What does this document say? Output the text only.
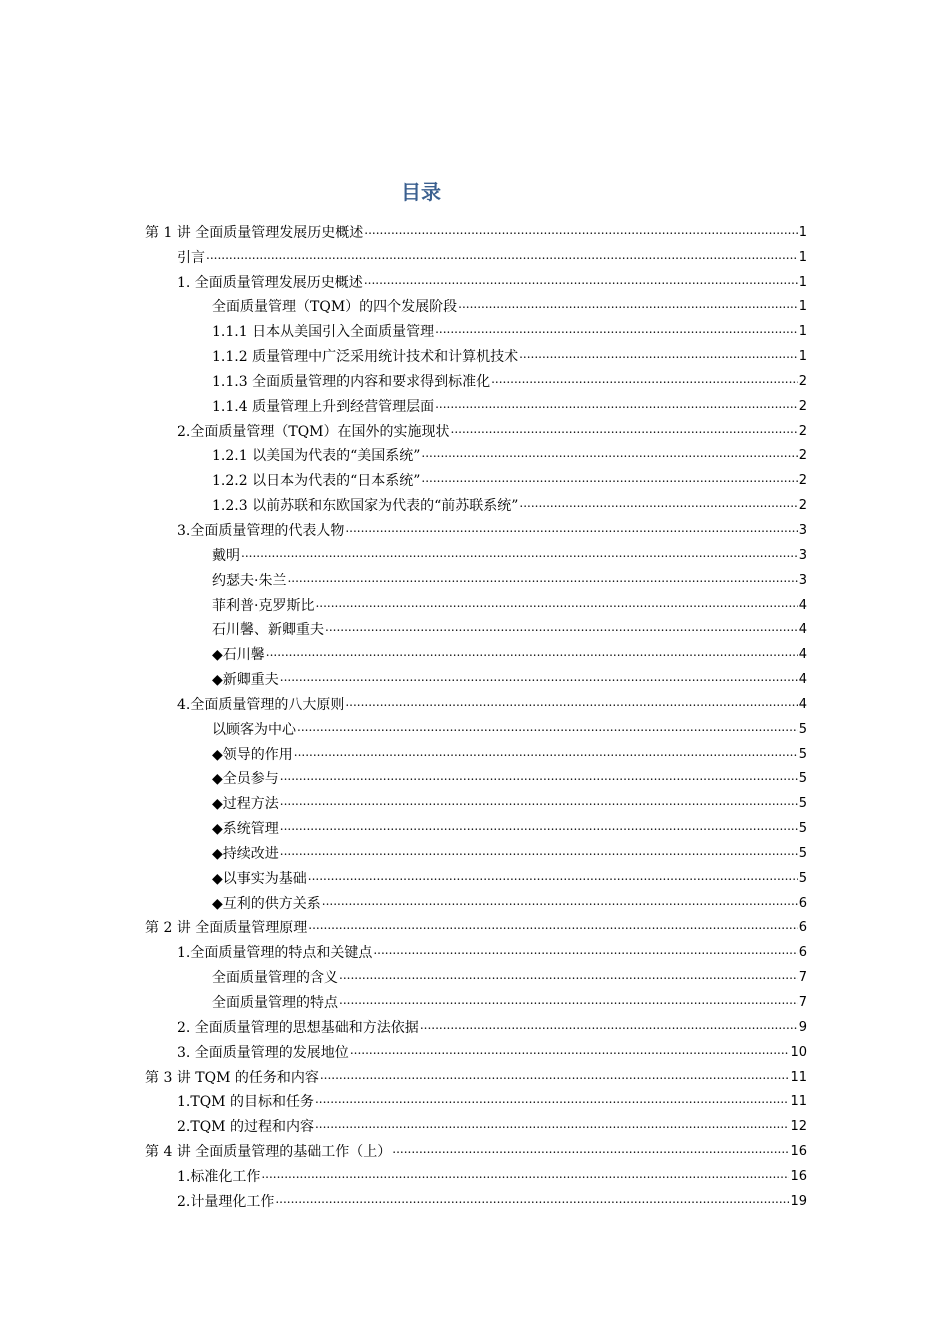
目录
第 1 讲 全面质量管理发展历史概述 .....	1
引言 .....	1
1. 全面质量管理发展历史概述 .....	1
全面质量管理（TQM）的四个发展阶段 .....	1
1.1.1 日本从美国引入全面质量管理 .....	1
1.1.2 质量管理中广泛采用统计技术和计算机技术 .....	1
1.1.3 全面质量管理的内容和要求得到标准化 .....	2
1.1.4 质量管理上升到经营管理层面 .....	2
2.全面质量管理（TQM）在国外的实施现状 .....	2
1.2.1 以美国为代表的“美国系统” .....	2
1.2.2 以日本为代表的“日本系统” .....	2
1.2.3 以前苏联和东欧国家为代表的“前苏联系统” .....	2
3.全面质量管理的代表人物 .....	3
戴明 .....	3
约瑟夫·朱兰 .....	3
菲利普·克罗斯比 .....	4
石川馨、新卿重夫 .....	4
◆石川馨 .....	4
◆新卿重夫 .....	4
4.全面质量管理的八大原则 .....	4
以顾客为中心 .....	5
◆领导的作用 .....	5
◆全员参与 .....	5
◆过程方法 .....	5
◆系统管理 .....	5
◆持续改进 .....	5
◆以事实为基础 .....	5
◆互利的供方关系 .....	6
第 2 讲 全面质量管理原理 .....	6
1.全面质量管理的特点和关键点 .....	6
全面质量管理的含义 .....	7
全面质量管理的特点 .....	7
2. 全面质量管理的思想基础和方法依据 .....	9
3. 全面质量管理的发展地位 .....	10
第 3 讲 TQM 的任务和内容 .....	11
1.TQM 的目标和任务 .....	11
2.TQM 的过程和内容 .....	12
第 4 讲 全面质量管理的基础工作（上） .....	16
1.标准化工作 .....	16
2.计量理化工作 .....	19
